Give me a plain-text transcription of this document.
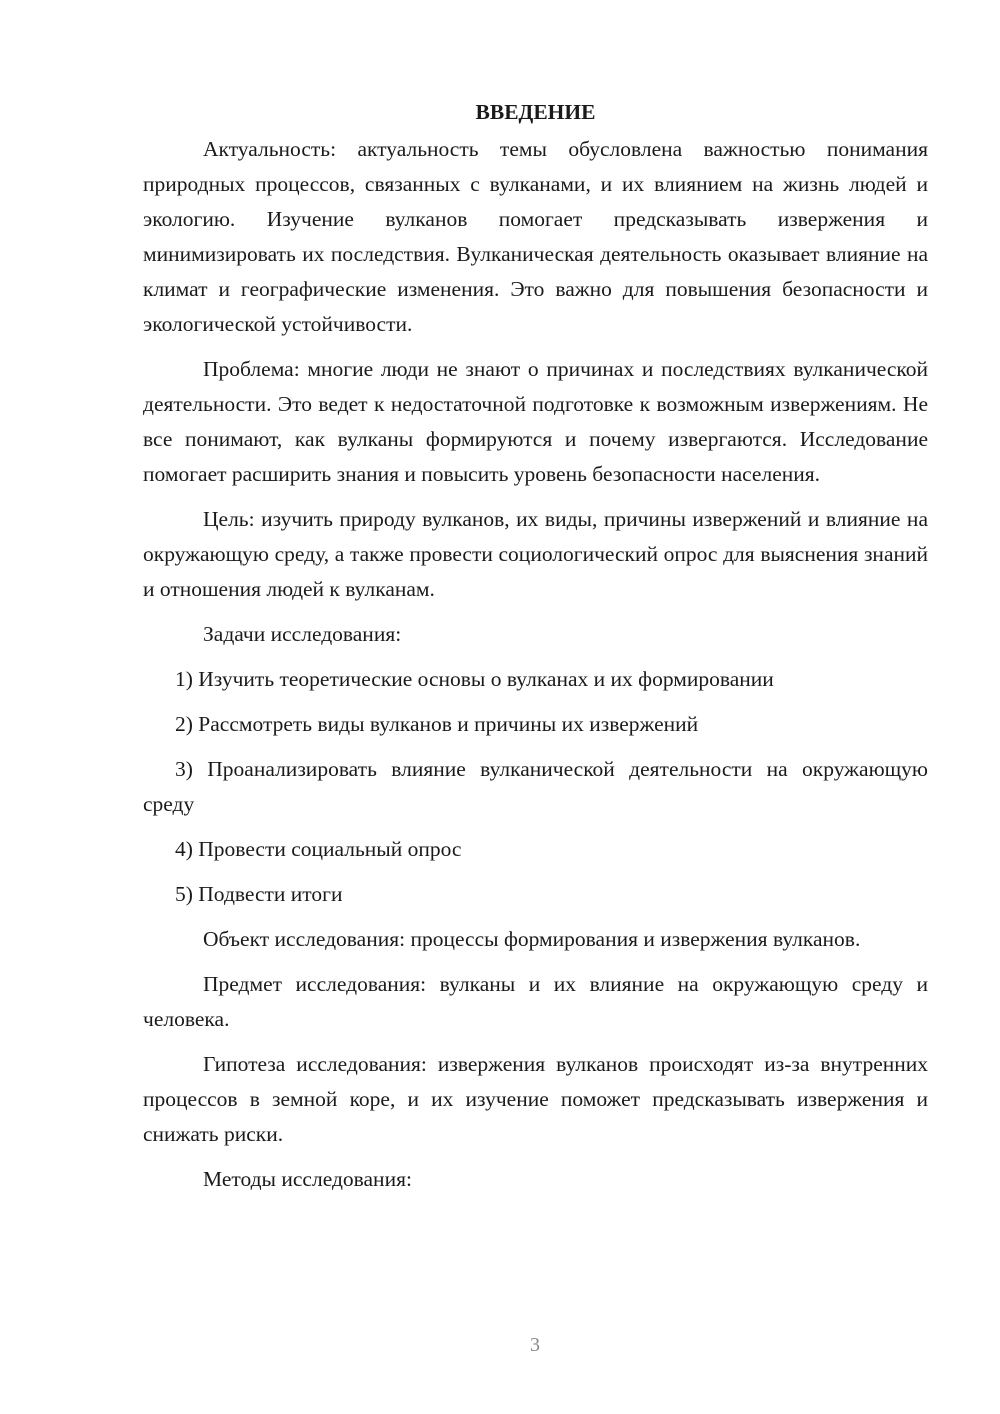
ВВЕДЕНИЕ

Актуальность: актуальность темы обусловлена важностью понимания природных процессов, связанных с вулканами, и их влиянием на жизнь людей и экологию. Изучение вулканов помогает предсказывать извержения и минимизировать их последствия. Вулканическая деятельность оказывает влияние на климат и географические изменения. Это важно для повышения безопасности и экологической устойчивости.

Проблема: многие люди не знают о причинах и последствиях вулканической деятельности. Это ведет к недостаточной подготовке к возможным извержениям. Не все понимают, как вулканы формируются и почему извергаются. Исследование помогает расширить знания и повысить уровень безопасности населения.

Цель: изучить природу вулканов, их виды, причины извержений и влияние на окружающую среду, а также провести социологический опрос для выяснения знаний и отношения людей к вулканам.

Задачи исследования:

1) Изучить теоретические основы о вулканах и их формировании

2) Рассмотреть виды вулканов и причины их извержений

3) Проанализировать влияние вулканической деятельности на окружающую среду

4) Провести социальный опрос

5) Подвести итоги

Объект исследования: процессы формирования и извержения вулканов.

Предмет исследования: вулканы и их влияние на окружающую среду и человека.

Гипотеза исследования: извержения вулканов происходят из-за внутренних процессов в земной коре, и их изучение поможет предсказывать извержения и снижать риски.

Методы исследования:

3
